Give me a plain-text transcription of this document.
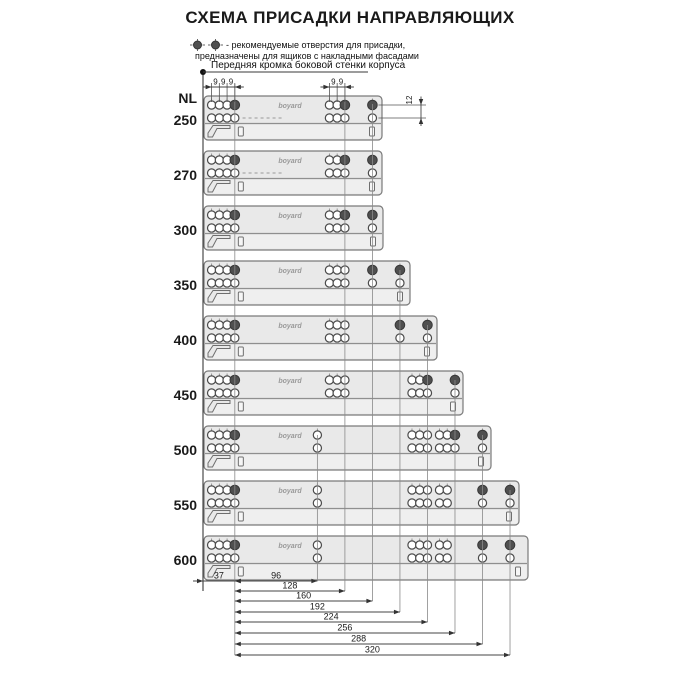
boyard
250
boyard
270
boyard
300
boyard
350
boyard
400
boyard
450
boyard
500
boyard
550
boyard
600
NL
9 9 9	9 9
12
37	96
128
160
192
224
256
288
320
СХЕМА ПРИСАДКИ НАПРАВЛЯЮЩИХ
- рекомендуемые отверстия для присадки,
предназначены для ящиков с накладными фасадами
Передняя кромка боковой стенки корпуса
